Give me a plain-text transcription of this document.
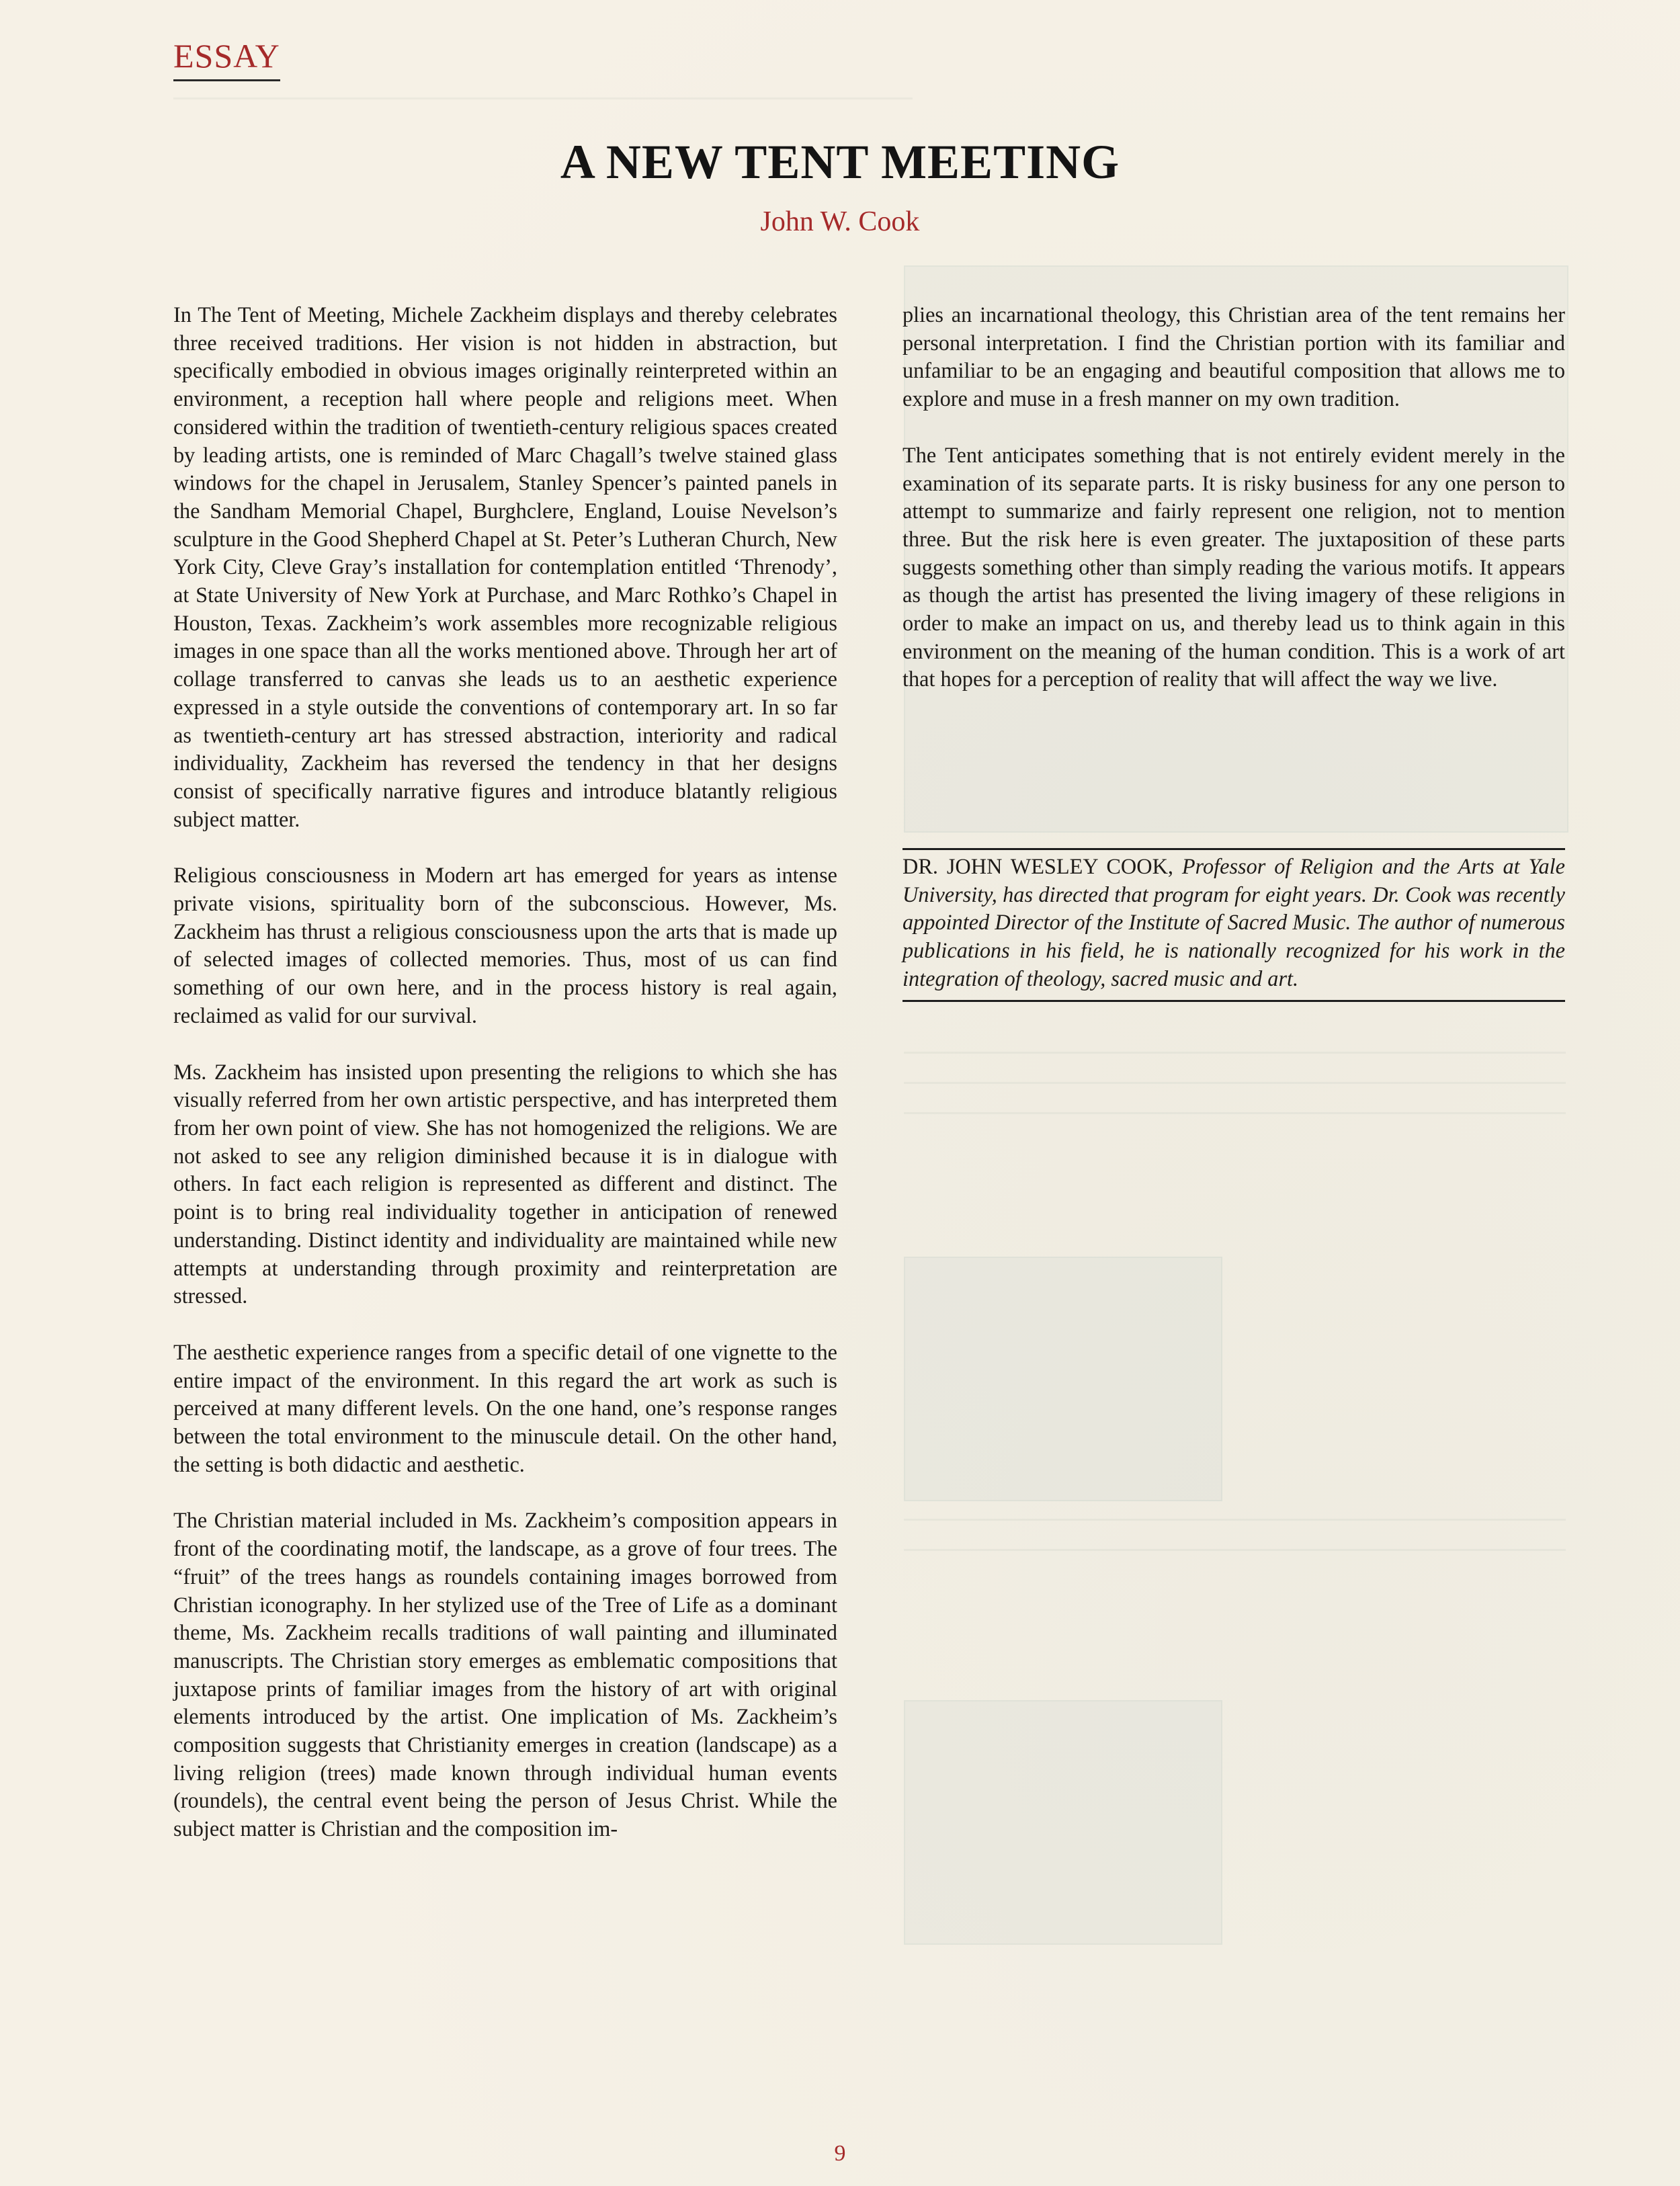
ESSAY
A NEW TENT MEETING
John W. Cook

In The Tent of Meeting, Michele Zackheim displays and thereby celebrates three received traditions. Her vision is not hidden in abstraction, but specifically embodied in obvious images originally reinterpreted within an environment, a reception hall where people and religions meet. When considered within the tradition of twentieth-century religious spaces created by leading artists, one is reminded of Marc Chagall’s twelve stained glass windows for the chapel in Jerusalem, Stanley Spencer’s painted panels in the Sandham Memorial Chapel, Burghclere, England, Louise Nevelson’s sculpture in the Good Shepherd Chapel at St. Peter’s Lutheran Church, New York City, Cleve Gray’s installation for contemplation entitled ‘Threnody’, at State University of New York at Purchase, and Marc Rothko’s Chapel in Houston, Texas. Zackheim’s work assembles more recognizable religious images in one space than all the works mentioned above. Through her art of collage transferred to canvas she leads us to an aesthetic experience expressed in a style outside the conventions of contemporary art. In so far as twentieth-century art has stressed abstraction, interiority and radical individuality, Zackheim has reversed the tendency in that her designs consist of specifically narrative figures and introduce blatantly religious subject matter.

Religious consciousness in Modern art has emerged for years as intense private visions, spirituality born of the subconscious. However, Ms. Zackheim has thrust a religious consciousness upon the arts that is made up of selected images of collected memories. Thus, most of us can find something of our own here, and in the process history is real again, reclaimed as valid for our survival.

Ms. Zackheim has insisted upon presenting the religions to which she has visually referred from her own artistic perspective, and has interpreted them from her own point of view. She has not homogenized the religions. We are not asked to see any religion diminished because it is in dialogue with others. In fact each religion is represented as different and distinct. The point is to bring real individuality together in anticipation of renewed understanding. Distinct identity and individuality are maintained while new attempts at understanding through proximity and reinterpretation are stressed.

The aesthetic experience ranges from a specific detail of one vignette to the entire impact of the environment. In this regard the art work as such is perceived at many different levels. On the one hand, one’s response ranges between the total environment to the minuscule detail. On the other hand, the setting is both didactic and aesthetic.

The Christian material included in Ms. Zackheim’s composition appears in front of the coordinating motif, the landscape, as a grove of four trees. The “fruit” of the trees hangs as roundels containing images borrowed from Christian iconography. In her stylized use of the Tree of Life as a dominant theme, Ms. Zackheim recalls traditions of wall painting and illuminated manuscripts. The Christian story emerges as emblematic compositions that juxtapose prints of familiar images from the history of art with original elements introduced by the artist. One implication of Ms. Zackheim’s composition suggests that Christianity emerges in creation (landscape) as a living religion (trees) made known through individual human events (roundels), the central event being the person of Jesus Christ. While the subject matter is Christian and the composition im-

plies an incarnational theology, this Christian area of the tent remains her personal interpretation. I find the Christian portion with its familiar and unfamiliar to be an engaging and beautiful composition that allows me to explore and muse in a fresh manner on my own tradition.

The Tent anticipates something that is not entirely evident merely in the examination of its separate parts. It is risky business for any one person to attempt to summarize and fairly represent one religion, not to mention three. But the risk here is even greater. The juxtaposition of these parts suggests something other than simply reading the various motifs. It appears as though the artist has presented the living imagery of these religions in order to make an impact on us, and thereby lead us to think again in this environment on the meaning of the human condition. This is a work of art that hopes for a perception of reality that will affect the way we live.

DR. JOHN WESLEY COOK, Professor of Religion and the Arts at Yale University, has directed that program for eight years. Dr. Cook was recently appointed Director of the Institute of Sacred Music. The author of numerous publications in his field, he is nationally recognized for his work in the integration of theology, sacred music and art.
9
